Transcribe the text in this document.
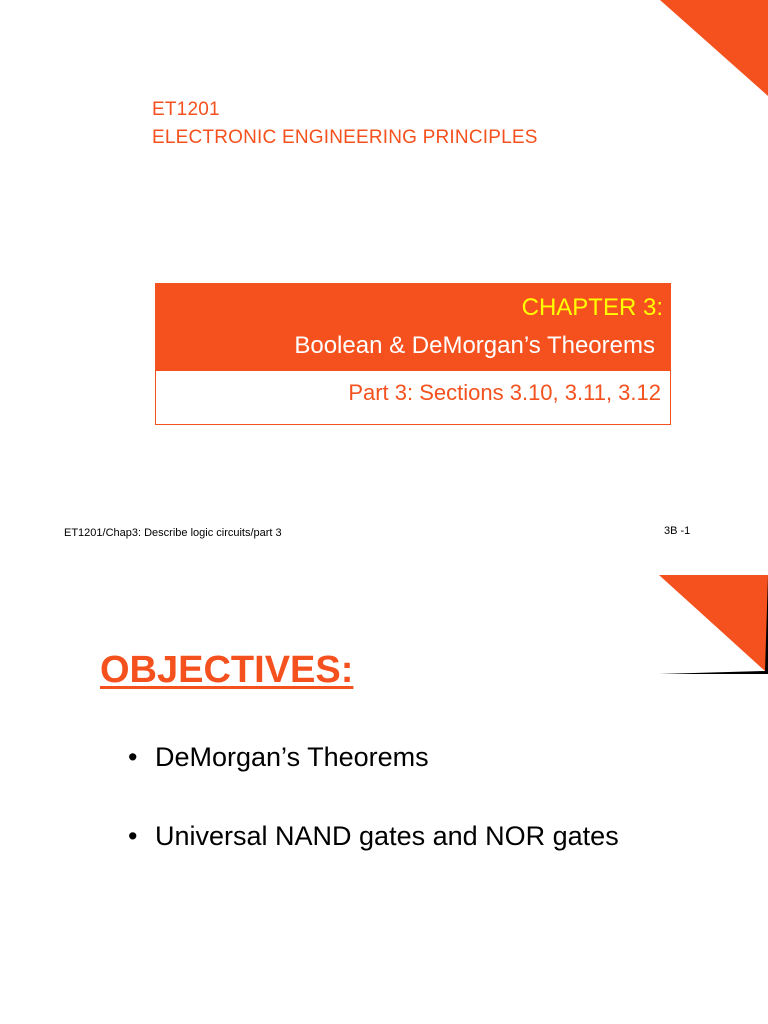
ET1201
ELECTRONIC ENGINEERING PRINCIPLES
CHAPTER 3:
Boolean & DeMorgan’s Theorems
Part 3: Sections 3.10, 3.11, 3.12
ET1201/Chap3: Describe logic circuits/part 3	3B -1
OBJECTIVES:
• DeMorgan’s Theorems
• Universal NAND gates and NOR gates
